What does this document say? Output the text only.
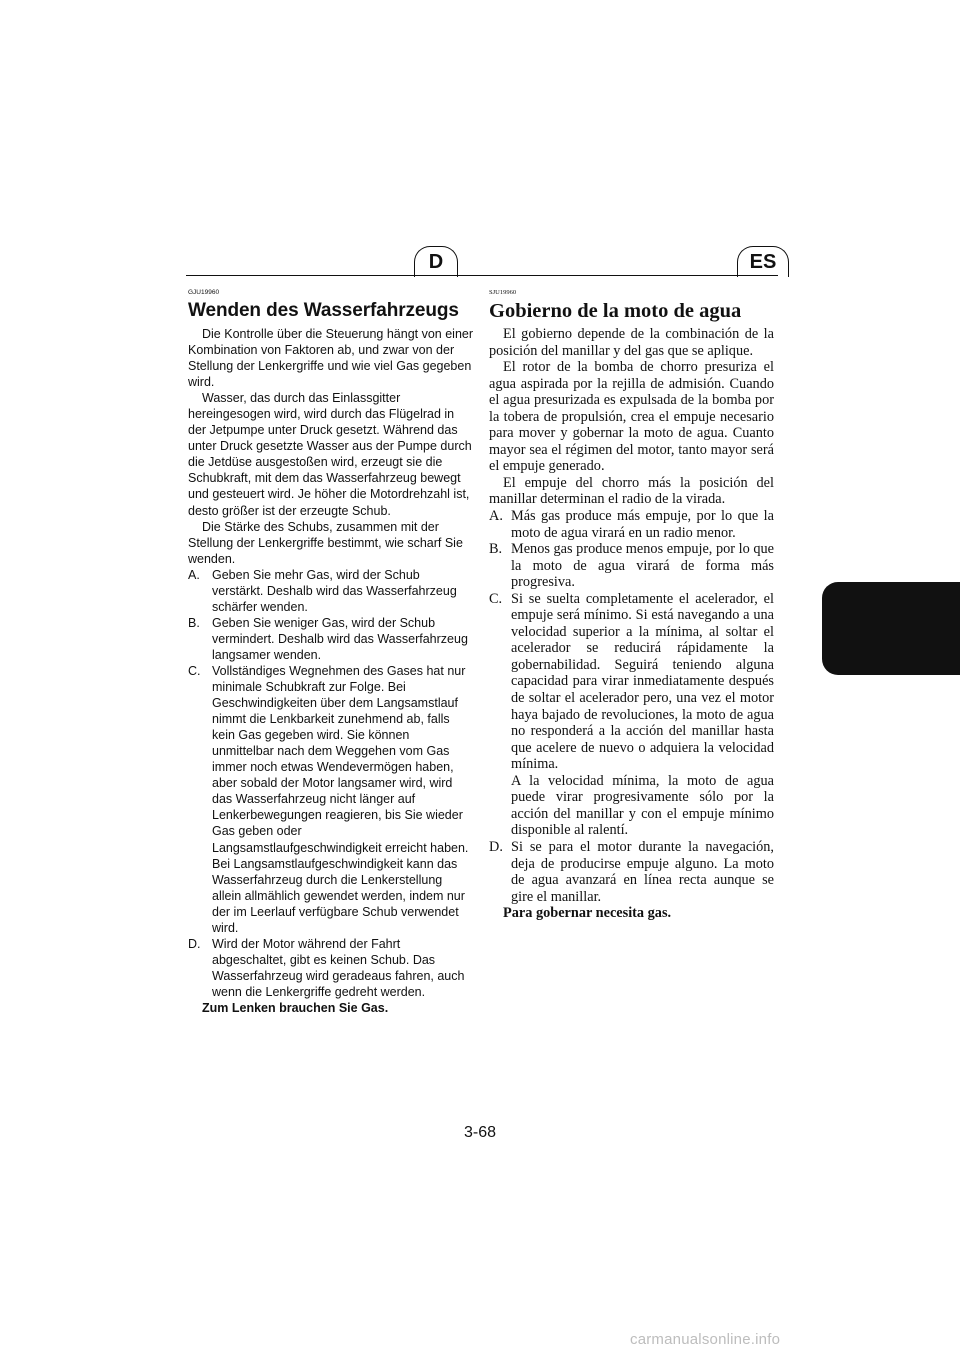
D	ES
GJU19960
Wenden des Wasserfahrzeugs

Die Kontrolle über die Steuerung hängt von einer Kombination von Faktoren ab, und zwar von der Stellung der Lenkergriffe und wie viel Gas gegeben wird.

Wasser, das durch das Einlassgitter hereingesogen wird, wird durch das Flügelrad in der Jetpumpe unter Druck gesetzt. Während das unter Druck gesetzte Wasser aus der Pumpe durch die Jetdüse ausgestoßen wird, erzeugt sie die Schubkraft, mit dem das Wasserfahrzeug bewegt und gesteuert wird. Je höher die Motordrehzahl ist, desto größer ist der erzeugte Schub.

Die Stärke des Schubs, zusammen mit der Stellung der Lenkergriffe bestimmt, wie scharf Sie wenden.

A. Geben Sie mehr Gas, wird der Schub verstärkt. Deshalb wird das Wasserfahrzeug schärfer wenden.
B. Geben Sie weniger Gas, wird der Schub vermindert. Deshalb wird das Wasserfahrzeug langsamer wenden.
C. Vollständiges Wegnehmen des Gases hat nur minimale Schubkraft zur Folge. Bei Geschwindigkeiten über dem Langsamstlauf nimmt die Lenkbarkeit zunehmend ab, falls kein Gas gegeben wird. Sie können unmittelbar nach dem Weggehen vom Gas immer noch etwas Wendevermögen haben, aber sobald der Motor langsamer wird, wird das Wasserfahrzeug nicht länger auf Lenkerbewegungen reagieren, bis Sie wieder Gas geben oder Langsamstlaufgeschwindigkeit erreicht haben.

Bei Langsamstlaufgeschwindigkeit kann das Wasserfahrzeug durch die Lenkerstellung allein allmählich gewendet werden, indem nur der im Leerlauf verfügbare Schub verwendet wird.

D. Wird der Motor während der Fahrt abgeschaltet, gibt es keinen Schub. Das Wasserfahrzeug wird geradeaus fahren, auch wenn die Lenkergriffe gedreht werden.

Zum Lenken brauchen Sie Gas.

SJU19960
Gobierno de la moto de agua

El gobierno depende de la combinación de la posición del manillar y del gas que se aplique.

El rotor de la bomba de chorro presuriza el agua aspirada por la rejilla de admisión. Cuando el agua presurizada es expulsada de la bomba por la tobera de propulsión, crea el empuje necesario para mover y gobernar la moto de agua. Cuanto mayor sea el régimen del motor, tanto mayor será el empuje generado.

El empuje del chorro más la posición del manillar determinan el radio de la virada.

A. Más gas produce más empuje, por lo que la moto de agua virará en un radio menor.
B. Menos gas produce menos empuje, por lo que la moto de agua virará de forma más progresiva.
C. Si se suelta completamente el acelerador, el empuje será mínimo. Si está navegando a una velocidad superior a la mínima, al soltar el acelerador se reducirá rápidamente la gobernabilidad. Seguirá teniendo alguna capacidad para virar inmediatamente después de soltar el acelerador pero, una vez el motor haya bajado de revoluciones, la moto de agua no responderá a la acción del manillar hasta que acelere de nuevo o adquiera la velocidad mínima.

A la velocidad mínima, la moto de agua puede virar progresivamente sólo por la acción del manillar y con el empuje mínimo disponible al ralentí.

D. Si se para el motor durante la navegación, deja de producirse empuje alguno. La moto de agua avanzará en línea recta aunque se gire el manillar.

Para gobernar necesita gas.

3-68
carmanualsonline.info
